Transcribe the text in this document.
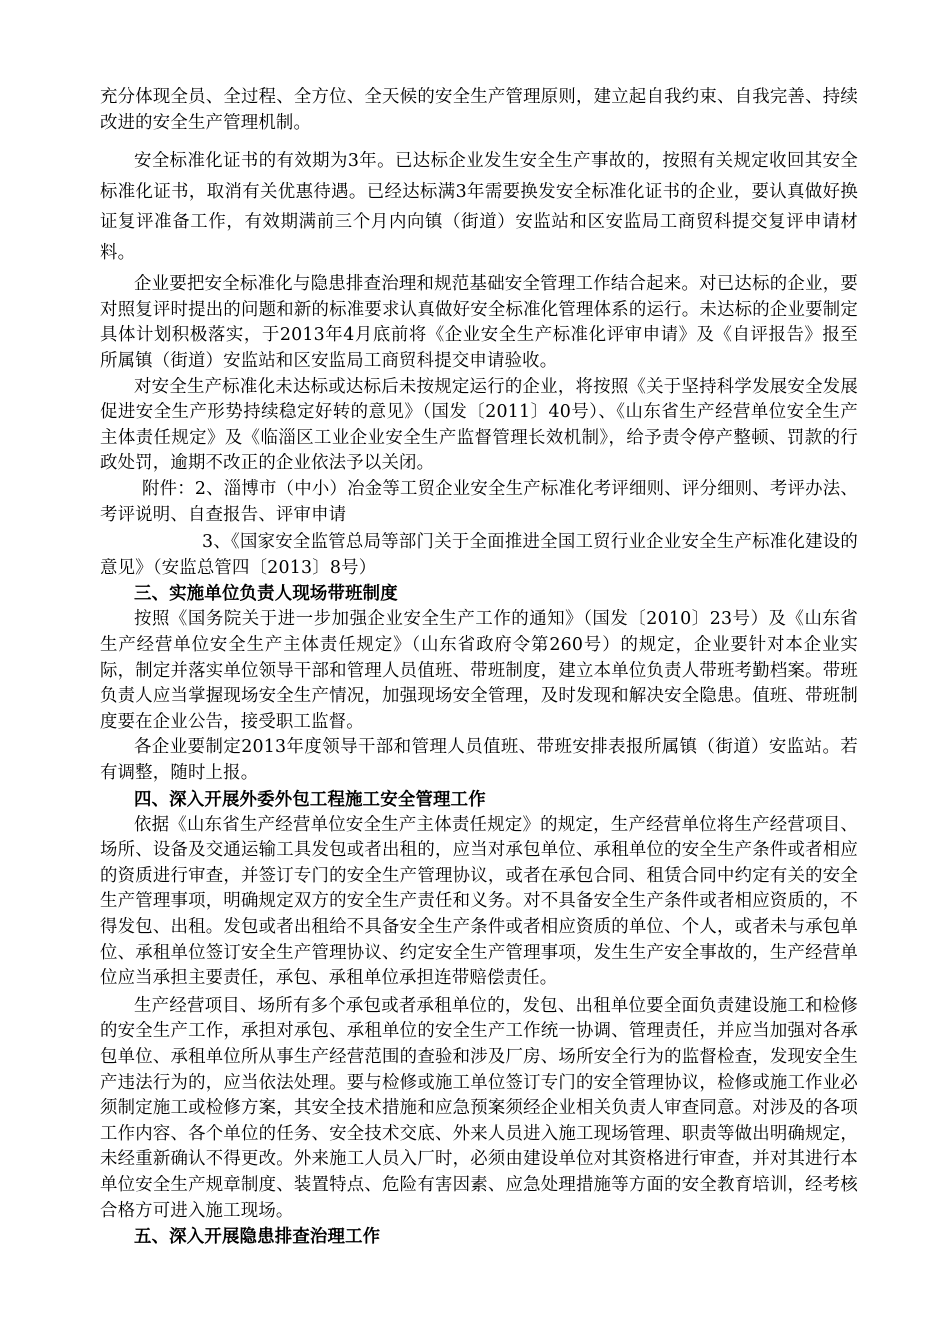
充分体现全员、全过程、全方位、全天候的安全生产管理原则，建立起自我约束、自我完善、持续改进的安全生产管理机制。

安全标准化证书的有效期为3年。已达标企业发生安全生产事故的，按照有关规定收回其安全标准化证书，取消有关优惠待遇。已经达标满3年需要换发安全标准化证书的企业，要认真做好换证复评准备工作，有效期满前三个月内向镇（街道）安监站和区安监局工商贸科提交复评申请材料。

企业要把安全标准化与隐患排查治理和规范基础安全管理工作结合起来。对已达标的企业，要对照复评时提出的问题和新的标准要求认真做好安全标准化管理体系的运行。未达标的企业要制定具体计划积极落实，于2013年4月底前将《企业安全生产标准化评审申请》及《自评报告》报至所属镇（街道）安监站和区安监局工商贸科提交申请验收。

对安全生产标准化未达标或达标后未按规定运行的企业，将按照《关于坚持科学发展安全发展促进安全生产形势持续稳定好转的意见》（国发〔2011〕40号）、《山东省生产经营单位安全生产主体责任规定》及《临淄区工业企业安全生产监督管理长效机制》，给予责令停产整顿、罚款的行政处罚，逾期不改正的企业依法予以关闭。

附件：2、淄博市（中小）冶金等工贸企业安全生产标准化考评细则、评分细则、考评办法、考评说明、自查报告、评审申请

3、《国家安全监管总局等部门关于全面推进全国工贸行业企业安全生产标准化建设的意见》（安监总管四〔2013〕8号）

三、实施单位负责人现场带班制度

按照《国务院关于进一步加强企业安全生产工作的通知》（国发〔2010〕23号）及《山东省生产经营单位安全生产主体责任规定》（山东省政府令第260号）的规定，企业要针对本企业实际，制定并落实单位领导干部和管理人员值班、带班制度，建立本单位负责人带班考勤档案。带班负责人应当掌握现场安全生产情况，加强现场安全管理，及时发现和解决安全隐患。值班、带班制度要在企业公告，接受职工监督。

各企业要制定2013年度领导干部和管理人员值班、带班安排表报所属镇（街道）安监站。若有调整，随时上报。

四、深入开展外委外包工程施工安全管理工作

依据《山东省生产经营单位安全生产主体责任规定》的规定，生产经营单位将生产经营项目、场所、设备及交通运输工具发包或者出租的，应当对承包单位、承租单位的安全生产条件或者相应的资质进行审查，并签订专门的安全生产管理协议，或者在承包合同、租赁合同中约定有关的安全生产管理事项，明确规定双方的安全生产责任和义务。对不具备安全生产条件或者相应资质的，不得发包、出租。发包或者出租给不具备安全生产条件或者相应资质的单位、个人，或者未与承包单位、承租单位签订安全生产管理协议、约定安全生产管理事项，发生生产安全事故的，生产经营单位应当承担主要责任，承包、承租单位承担连带赔偿责任。

生产经营项目、场所有多个承包或者承租单位的，发包、出租单位要全面负责建设施工和检修的安全生产工作，承担对承包、承租单位的安全生产工作统一协调、管理责任，并应当加强对各承包单位、承租单位所从事生产经营范围的查验和涉及厂房、场所安全行为的监督检查，发现安全生产违法行为的，应当依法处理。要与检修或施工单位签订专门的安全管理协议，检修或施工作业必须制定施工或检修方案，其安全技术措施和应急预案须经企业相关负责人审查同意。对涉及的各项工作内容、各个单位的任务、安全技术交底、外来人员进入施工现场管理、职责等做出明确规定，未经重新确认不得更改。外来施工人员入厂时，必须由建设单位对其资格进行审查，并对其进行本单位安全生产规章制度、装置特点、危险有害因素、应急处理措施等方面的安全教育培训，经考核合格方可进入施工现场。

五、深入开展隐患排查治理工作
